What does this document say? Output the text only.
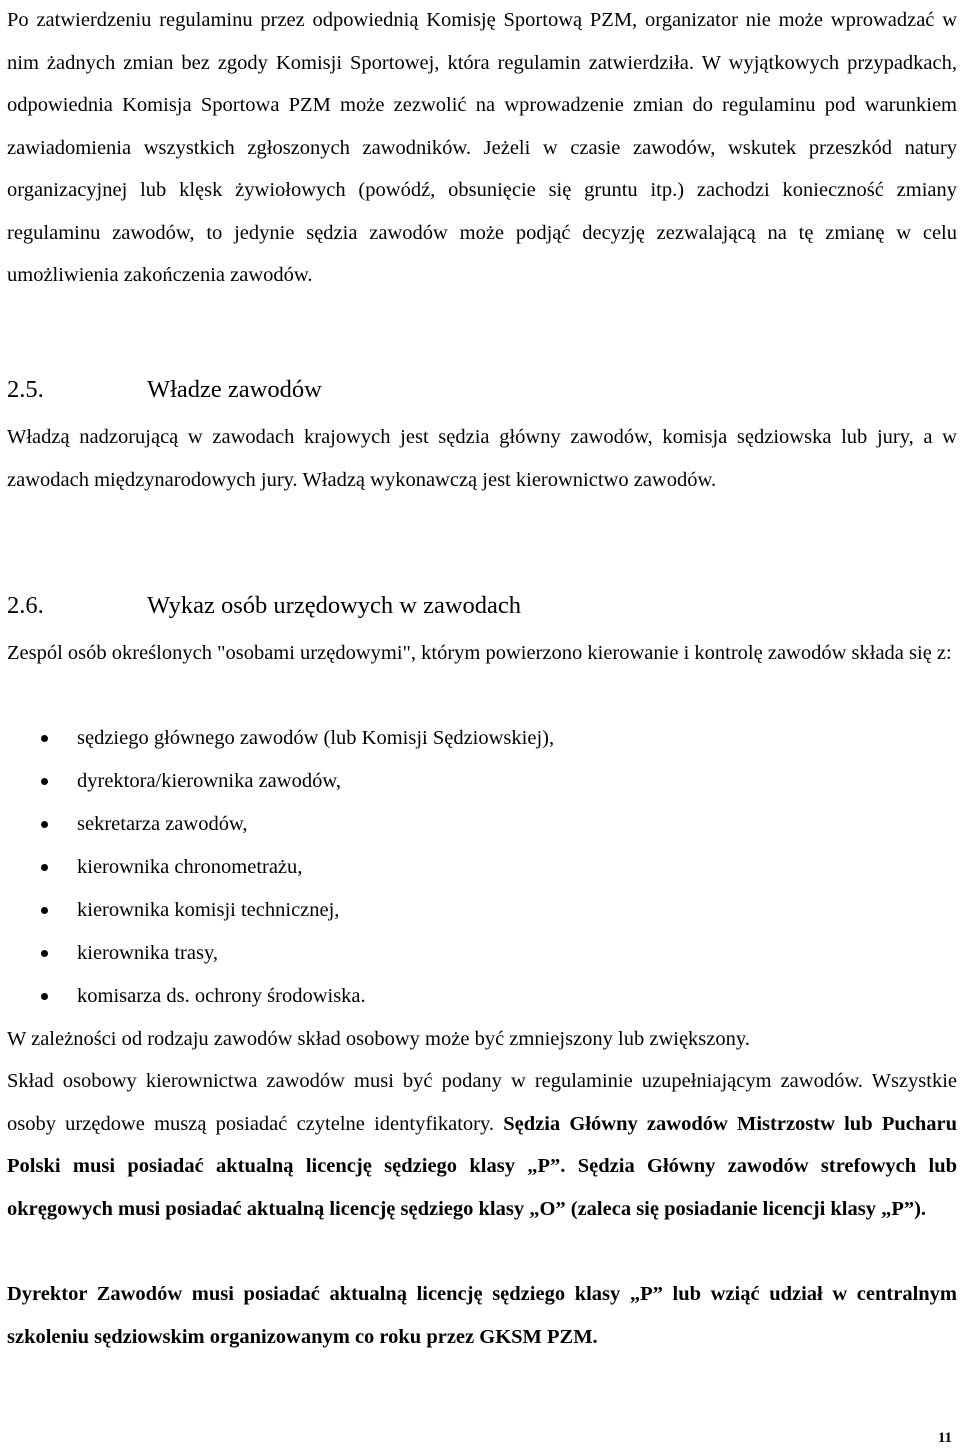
Po zatwierdzeniu regulaminu przez odpowiednią Komisję Sportową PZM, organizator nie może wprowadzać w nim żadnych zmian bez zgody Komisji Sportowej, która regulamin zatwierdziła. W wyjątkowych przypadkach, odpowiednia Komisja Sportowa PZM może zezwolić na wprowadzenie zmian do regulaminu pod warunkiem zawiadomienia wszystkich zgłoszonych zawodników. Jeżeli w czasie zawodów, wskutek przeszkód natury organizacyjnej lub klęsk żywiołowych (powódź, obsunięcie się gruntu itp.) zachodzi konieczność zmiany regulaminu zawodów, to jedynie sędzia zawodów może podjąć decyzję zezwalającą na tę zmianę w celu umożliwienia zakończenia zawodów.

2.5.	Władze zawodów

Władzą nadzorującą w zawodach krajowych jest sędzia główny zawodów, komisja sędziowska lub jury, a w zawodach międzynarodowych jury. Władzą wykonawczą jest kierownictwo zawodów.

2.6.	Wykaz osób urzędowych w zawodach

Zespól osób określonych "osobami urzędowymi", którym powierzono kierowanie i kontrolę zawodów składa się z:

sędziego głównego zawodów (lub Komisji Sędziowskiej),
dyrektora/kierownika zawodów,
sekretarza zawodów,
kierownika chronometrażu,
kierownika komisji technicznej,
kierownika trasy,
komisarza ds. ochrony środowiska.

W zależności od rodzaju zawodów skład osobowy może być zmniejszony lub zwiększony.

Skład osobowy kierownictwa zawodów musi być podany w regulaminie uzupełniającym zawodów. Wszystkie osoby urzędowe muszą posiadać czytelne identyfikatory. Sędzia Główny zawodów Mistrzostw lub Pucharu Polski musi posiadać aktualną licencję sędziego klasy „P”. Sędzia Główny zawodów strefowych lub okręgowych musi posiadać aktualną licencję sędziego klasy „O” (zaleca się posiadanie licencji klasy „P”).

Dyrektor Zawodów musi posiadać aktualną licencję sędziego klasy „P” lub wziąć udział w centralnym szkoleniu sędziowskim organizowanym co roku przez GKSM PZM.

11
